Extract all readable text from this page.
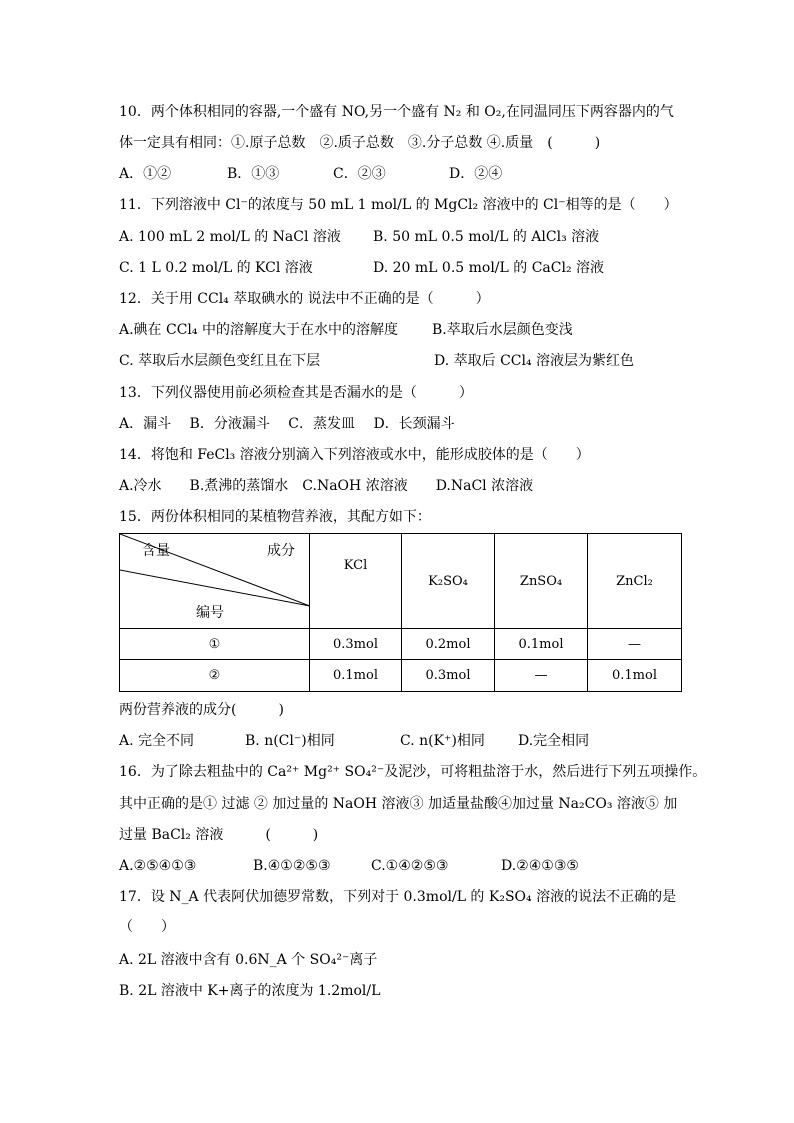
10．两个体积相同的容器,一个盛有 NO,另一个盛有 N₂ 和 O₂,在同温同压下两容器内的气
体一定具有相同：①.原子总数　②.质子总数　③.分子总数 ④.质量　(　　　)
A．①②	B．①③	C．②③	D．②④
11．下列溶液中 Cl⁻的浓度与 50 mL 1 mol/L 的 MgCl₂ 溶液中的 Cl⁻相等的是（　　）
A. 100 mL 2 mol/L 的 NaCl 溶液 B. 50 mL 0.5 mol/L 的 AlCl₃ 溶液
C. 1 L 0.2 mol/L 的 KCl 溶液	D. 20 mL 0.5 mol/L 的 CaCl₂ 溶液
12．关于用 CCl₄ 萃取碘水的 说法中不正确的是（　　　）
A.碘在 CCl₄ 中的溶解度大于在水中的溶解度 B.萃取后水层颜色变浅
C. 萃取后水层颜色变红且在下层	D. 萃取后 CCl₄ 溶液层为紫红色
13．下列仪器使用前必须检查其是否漏水的是（　　　）
A．漏斗　 B．分液漏斗　 C．蒸发皿　 D．长颈漏斗
14．将饱和 FeCl₃ 溶液分别滴入下列溶液或水中，能形成胶体的是（　　）
A.冷水　　B.煮沸的蒸馏水　C.NaOH 浓溶液　　D.NaCl 浓溶液
15．两份体积相同的某植物营养液，其配方如下：
含量 成分
编号	KCl	K₂SO₄	ZnSO₄	ZnCl₂
①	0.3mol	0.2mol	0.1mol	—
②	0.1mol	0.3mol	—	0.1mol
两份营养液的成分(　　　)
A. 完全不同	B. n(Cl⁻)相同	C. n(K⁺)相同 D.完全相同
16．为了除去粗盐中的 Ca²⁺ Mg²⁺ SO₄²⁻及泥沙，可将粗盐溶于水，然后进行下列五项操作。
其中正确的是① 过滤 ② 加过量的 NaOH 溶液③ 加适量盐酸④加过量 Na₂CO₃ 溶液⑤ 加
过量 BaCl₂ 溶液　　　(　　　)
A.②⑤④①③	B.④①②⑤③	C.①④②⑤③	D.②④①③⑤
17．设 N_A 代表阿伏加德罗常数，下列对于 0.3mol/L 的 K₂SO₄ 溶液的说法不正确的是
（　　）
A. 2L 溶液中含有 0.6N_A 个 SO₄²⁻离子
B. 2L 溶液中 K+离子的浓度为 1.2mol/L
